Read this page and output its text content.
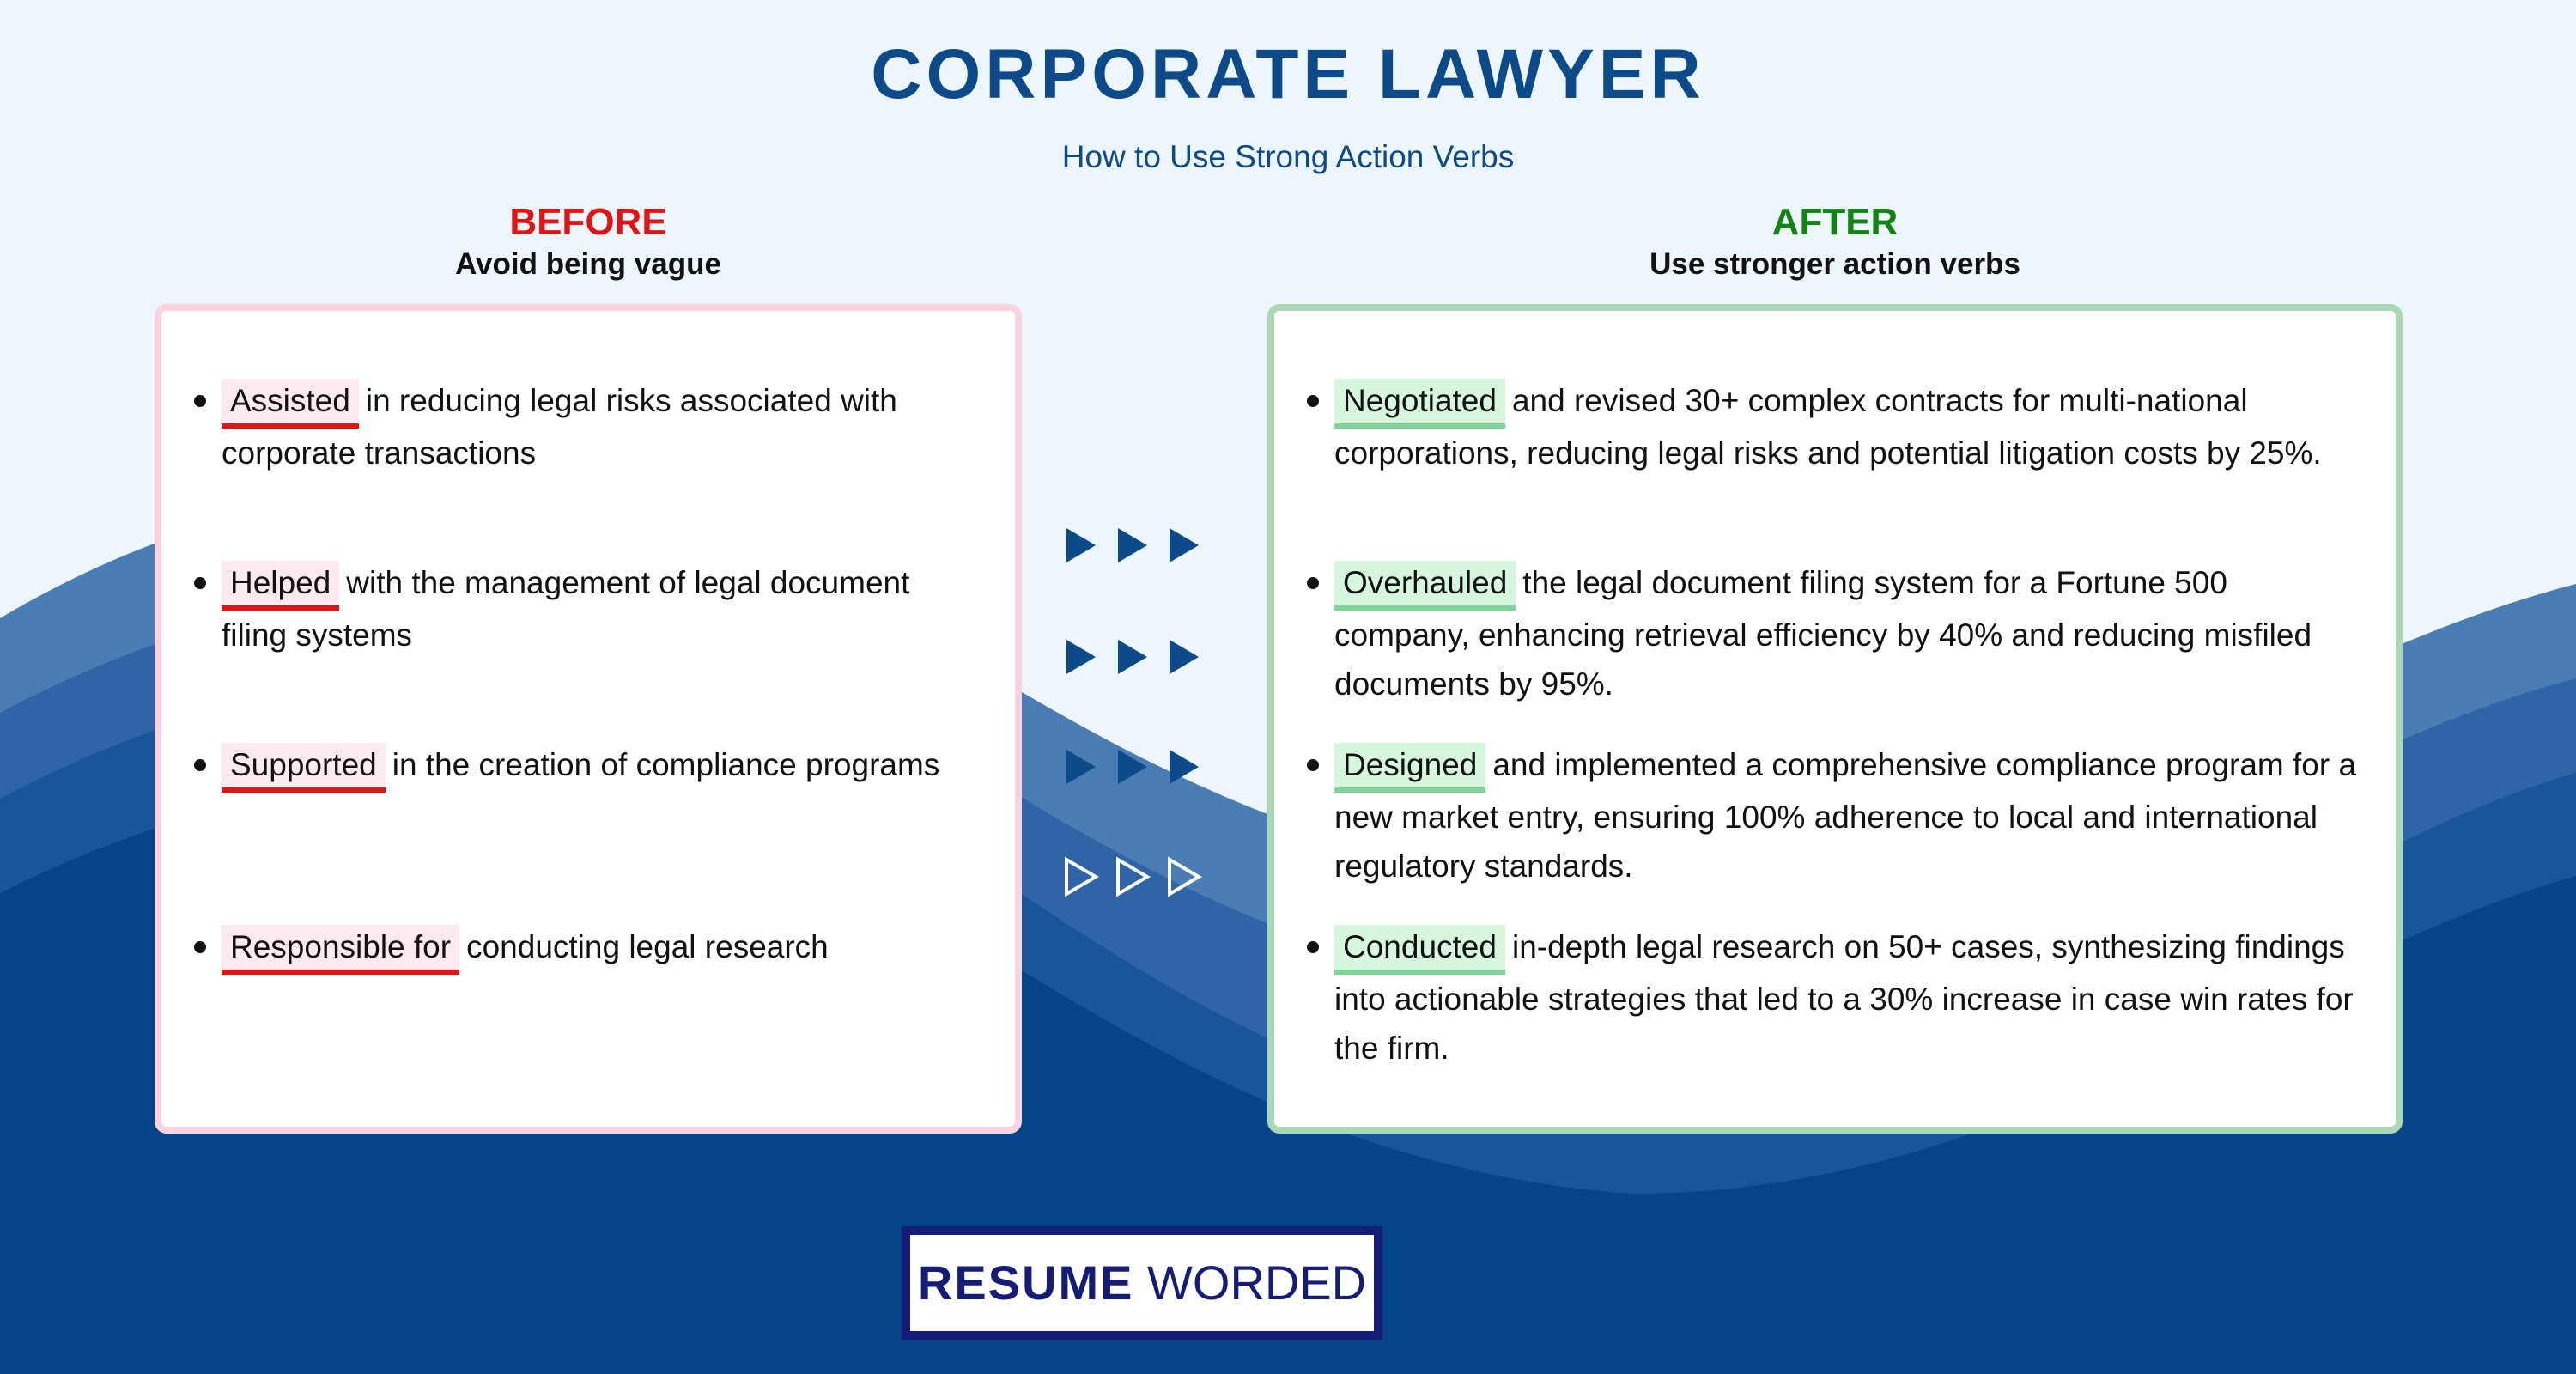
CORPORATE LAWYER
How to Use Strong Action Verbs
BEFORE
Avoid being vague
AFTER
Use stronger action verbs
Assisted in reducing legal risks associated with corporate transactions
Helped with the management of legal document filing systems
Supported in the creation of compliance programs
Responsible for conducting legal research
Negotiated and revised 30+ complex contracts for multi-national corporations, reducing legal risks and potential litigation costs by 25%.
Overhauled the legal document filing system for a Fortune 500 company, enhancing retrieval efficiency by 40% and reducing misfiled documents by 95%.
Designed and implemented a comprehensive compliance program for a new market entry, ensuring 100% adherence to local and international regulatory standards.
Conducted in-depth legal research on 50+ cases, synthesizing findings into actionable strategies that led to a 30% increase in case win rates for the firm.
RESUME WORDED
